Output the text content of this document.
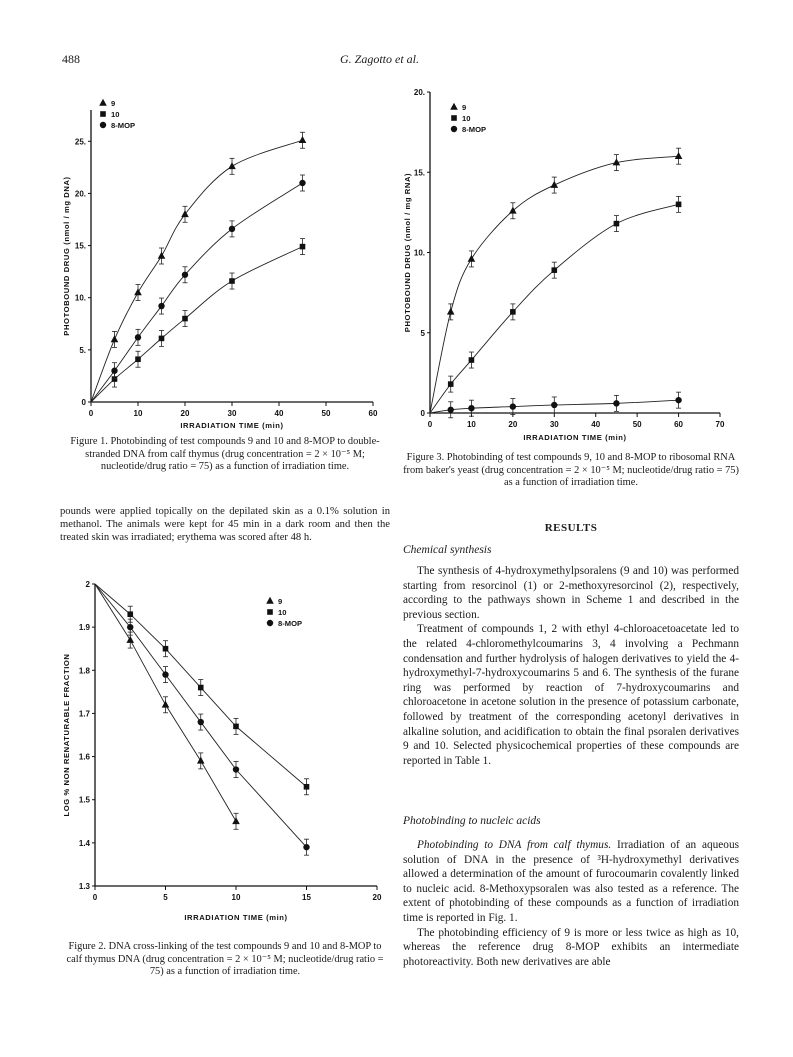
488	G. Zagotto et al.
0	10	20	30	40	50	60
0
5.
10.
15.
20.
25.
IRRADIATION TIME (min)
PHOTOBOUND DRUG (nmol / mg DNA)
9
10
8-MOP
Figure 1. Photobinding of test compounds 9 and 10 and 8-MOP to double-stranded DNA from calf thymus (drug concentration = 2 × 10⁻⁵ M; nucleotide/drug ratio = 75) as a function of irradiation time.
0	10	20	30	40	50	60	70
0
5
10.
15.
20.
IRRADIATION TIME (min)
PHOTOBOUND DRUG (nmol / mg RNA)
9
10
8-MOP
Figure 3. Photobinding of test compounds 9, 10 and 8-MOP to ribosomal RNA from baker's yeast (drug concentration = 2 × 10⁻⁵ M; nucleotide/drug ratio = 75) as a function of irradiation time.

pounds were applied topically on the depilated skin as a 0.1% solution in methanol. The animals were kept for 45 min in a dark room and then the treated skin was irradiated; erythema was scored after 48 h.

0	5	10	15	20
1.3
1.4
1.5
1.6
1.7
1.8
1.9
2
IRRADIATION TIME (min)
LOG % NON RENATURABLE FRACTION
9
10
8-MOP
Figure 2. DNA cross-linking of the test compounds 9 and 10 and 8-MOP to calf thymus DNA (drug concentration = 2 × 10⁻⁵ M; nucleotide/drug ratio = 75) as a function of irradiation time.
RESULTS
Chemical synthesis

The synthesis of 4-hydroxymethylpsoralens (9 and 10) was performed starting from resorcinol (1) or 2-methoxyresorcinol (2), respectively, according to the pathways shown in Scheme 1 and described in the previous section.

Treatment of compounds 1, 2 with ethyl 4-chloroacetoacetate led to the related 4-chloromethylcoumarins 3, 4 involving a Pechmann condensation and further hydrolysis of halogen derivatives to yield the 4-hydroxymethyl-7-hydroxycoumarins 5 and 6. The synthesis of the furane ring was performed by reaction of 7-hydroxycoumarins and chloroacetone in acetone solution in the presence of potassium carbonate, followed by treatment of the corresponding acetonyl derivatives in alkaline solution, and acidification to obtain the final psoralen derivatives 9 and 10. Selected physicochemical properties of these compounds are reported in Table 1.

Photobinding to nucleic acids

Photobinding to DNA from calf thymus. Irradiation of an aqueous solution of DNA in the presence of ³H-hydroxymethyl derivatives allowed a determination of the amount of furocoumarin covalently linked to nucleic acid. 8-Methoxypsoralen was also tested as a reference. The extent of photobinding of these compounds as a function of irradiation time is reported in Fig. 1.

The photobinding efficiency of 9 is more or less twice as high as 10, whereas the reference drug 8-MOP exhibits an intermediate photoreactivity. Both new derivatives are able
